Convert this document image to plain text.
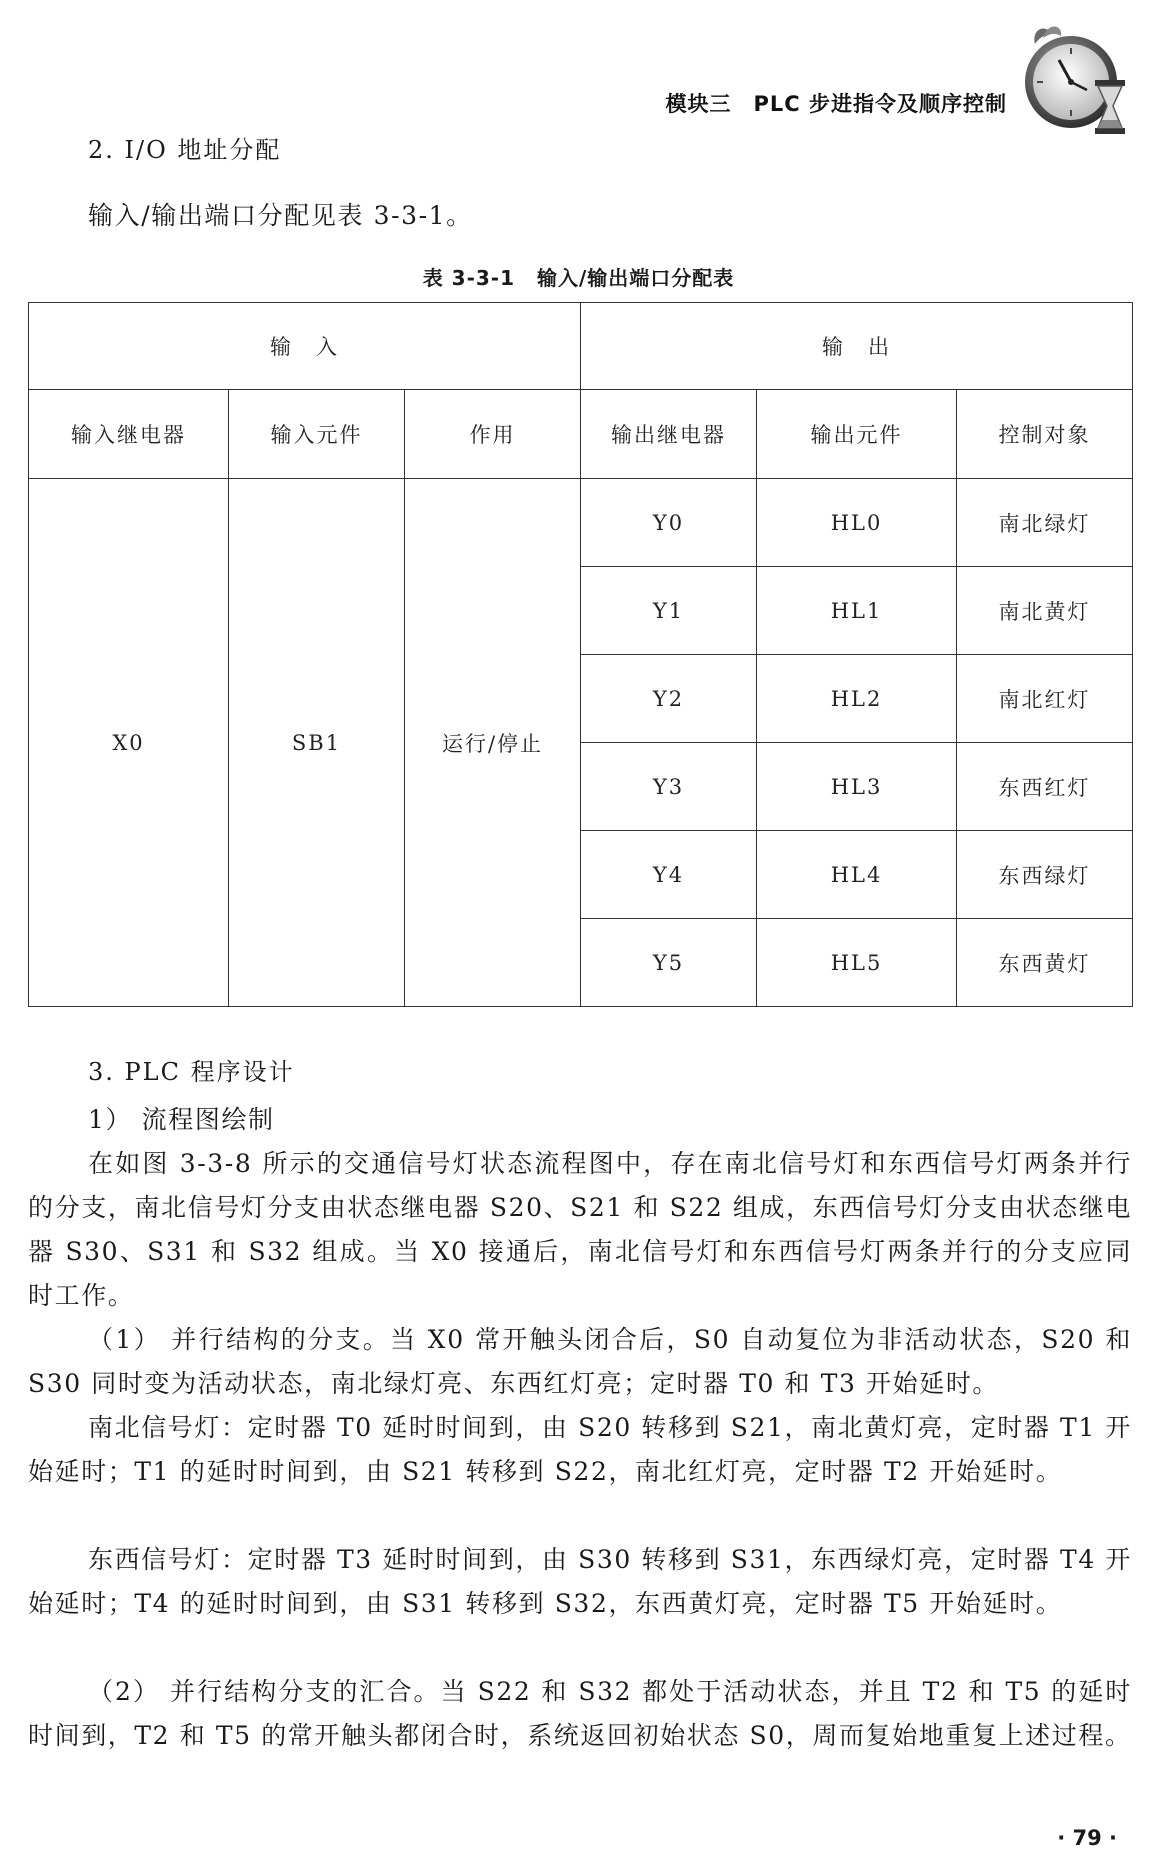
模块三　PLC 步进指令及顺序控制
2. I/O 地址分配
输入/输出端口分配见表 3-3-1。
表 3-3-1 输入/输出端口分配表
输　入			输　出		
输入继电器	输入元件	作用	输出继电器	输出元件	控制对象
X0	SB1	运行/停止	Y0	HL0	南北绿灯
			Y1	HL1	南北黄灯
			Y2	HL2	南北红灯
			Y3	HL3	东西红灯
			Y4	HL4	东西绿灯
			Y5	HL5	东西黄灯
3. PLC 程序设计
1） 流程图绘制

在如图 3-3-8 所示的交通信号灯状态流程图中，存在南北信号灯和东西信号灯两条并行的分支，南北信号灯分支由状态继电器 S20、S21 和 S22 组成，东西信号灯分支由状态继电器 S30、S31 和 S32 组成。当 X0 接通后，南北信号灯和东西信号灯两条并行的分支应同时工作。

（1） 并行结构的分支。当 X0 常开触头闭合后，S0 自动复位为非活动状态，S20 和 S30 同时变为活动状态，南北绿灯亮、东西红灯亮；定时器 T0 和 T3 开始延时。

南北信号灯：定时器 T0 延时时间到，由 S20 转移到 S21，南北黄灯亮，定时器 T1 开始延时；T1 的延时时间到，由 S21 转移到 S22，南北红灯亮，定时器 T2 开始延时。

东西信号灯：定时器 T3 延时时间到，由 S30 转移到 S31，东西绿灯亮，定时器 T4 开始延时；T4 的延时时间到，由 S31 转移到 S32，东西黄灯亮，定时器 T5 开始延时。

（2） 并行结构分支的汇合。当 S22 和 S32 都处于活动状态，并且 T2 和 T5 的延时时间到，T2 和 T5 的常开触头都闭合时，系统返回初始状态 S0，周而复始地重复上述过程。

· 79 ·
